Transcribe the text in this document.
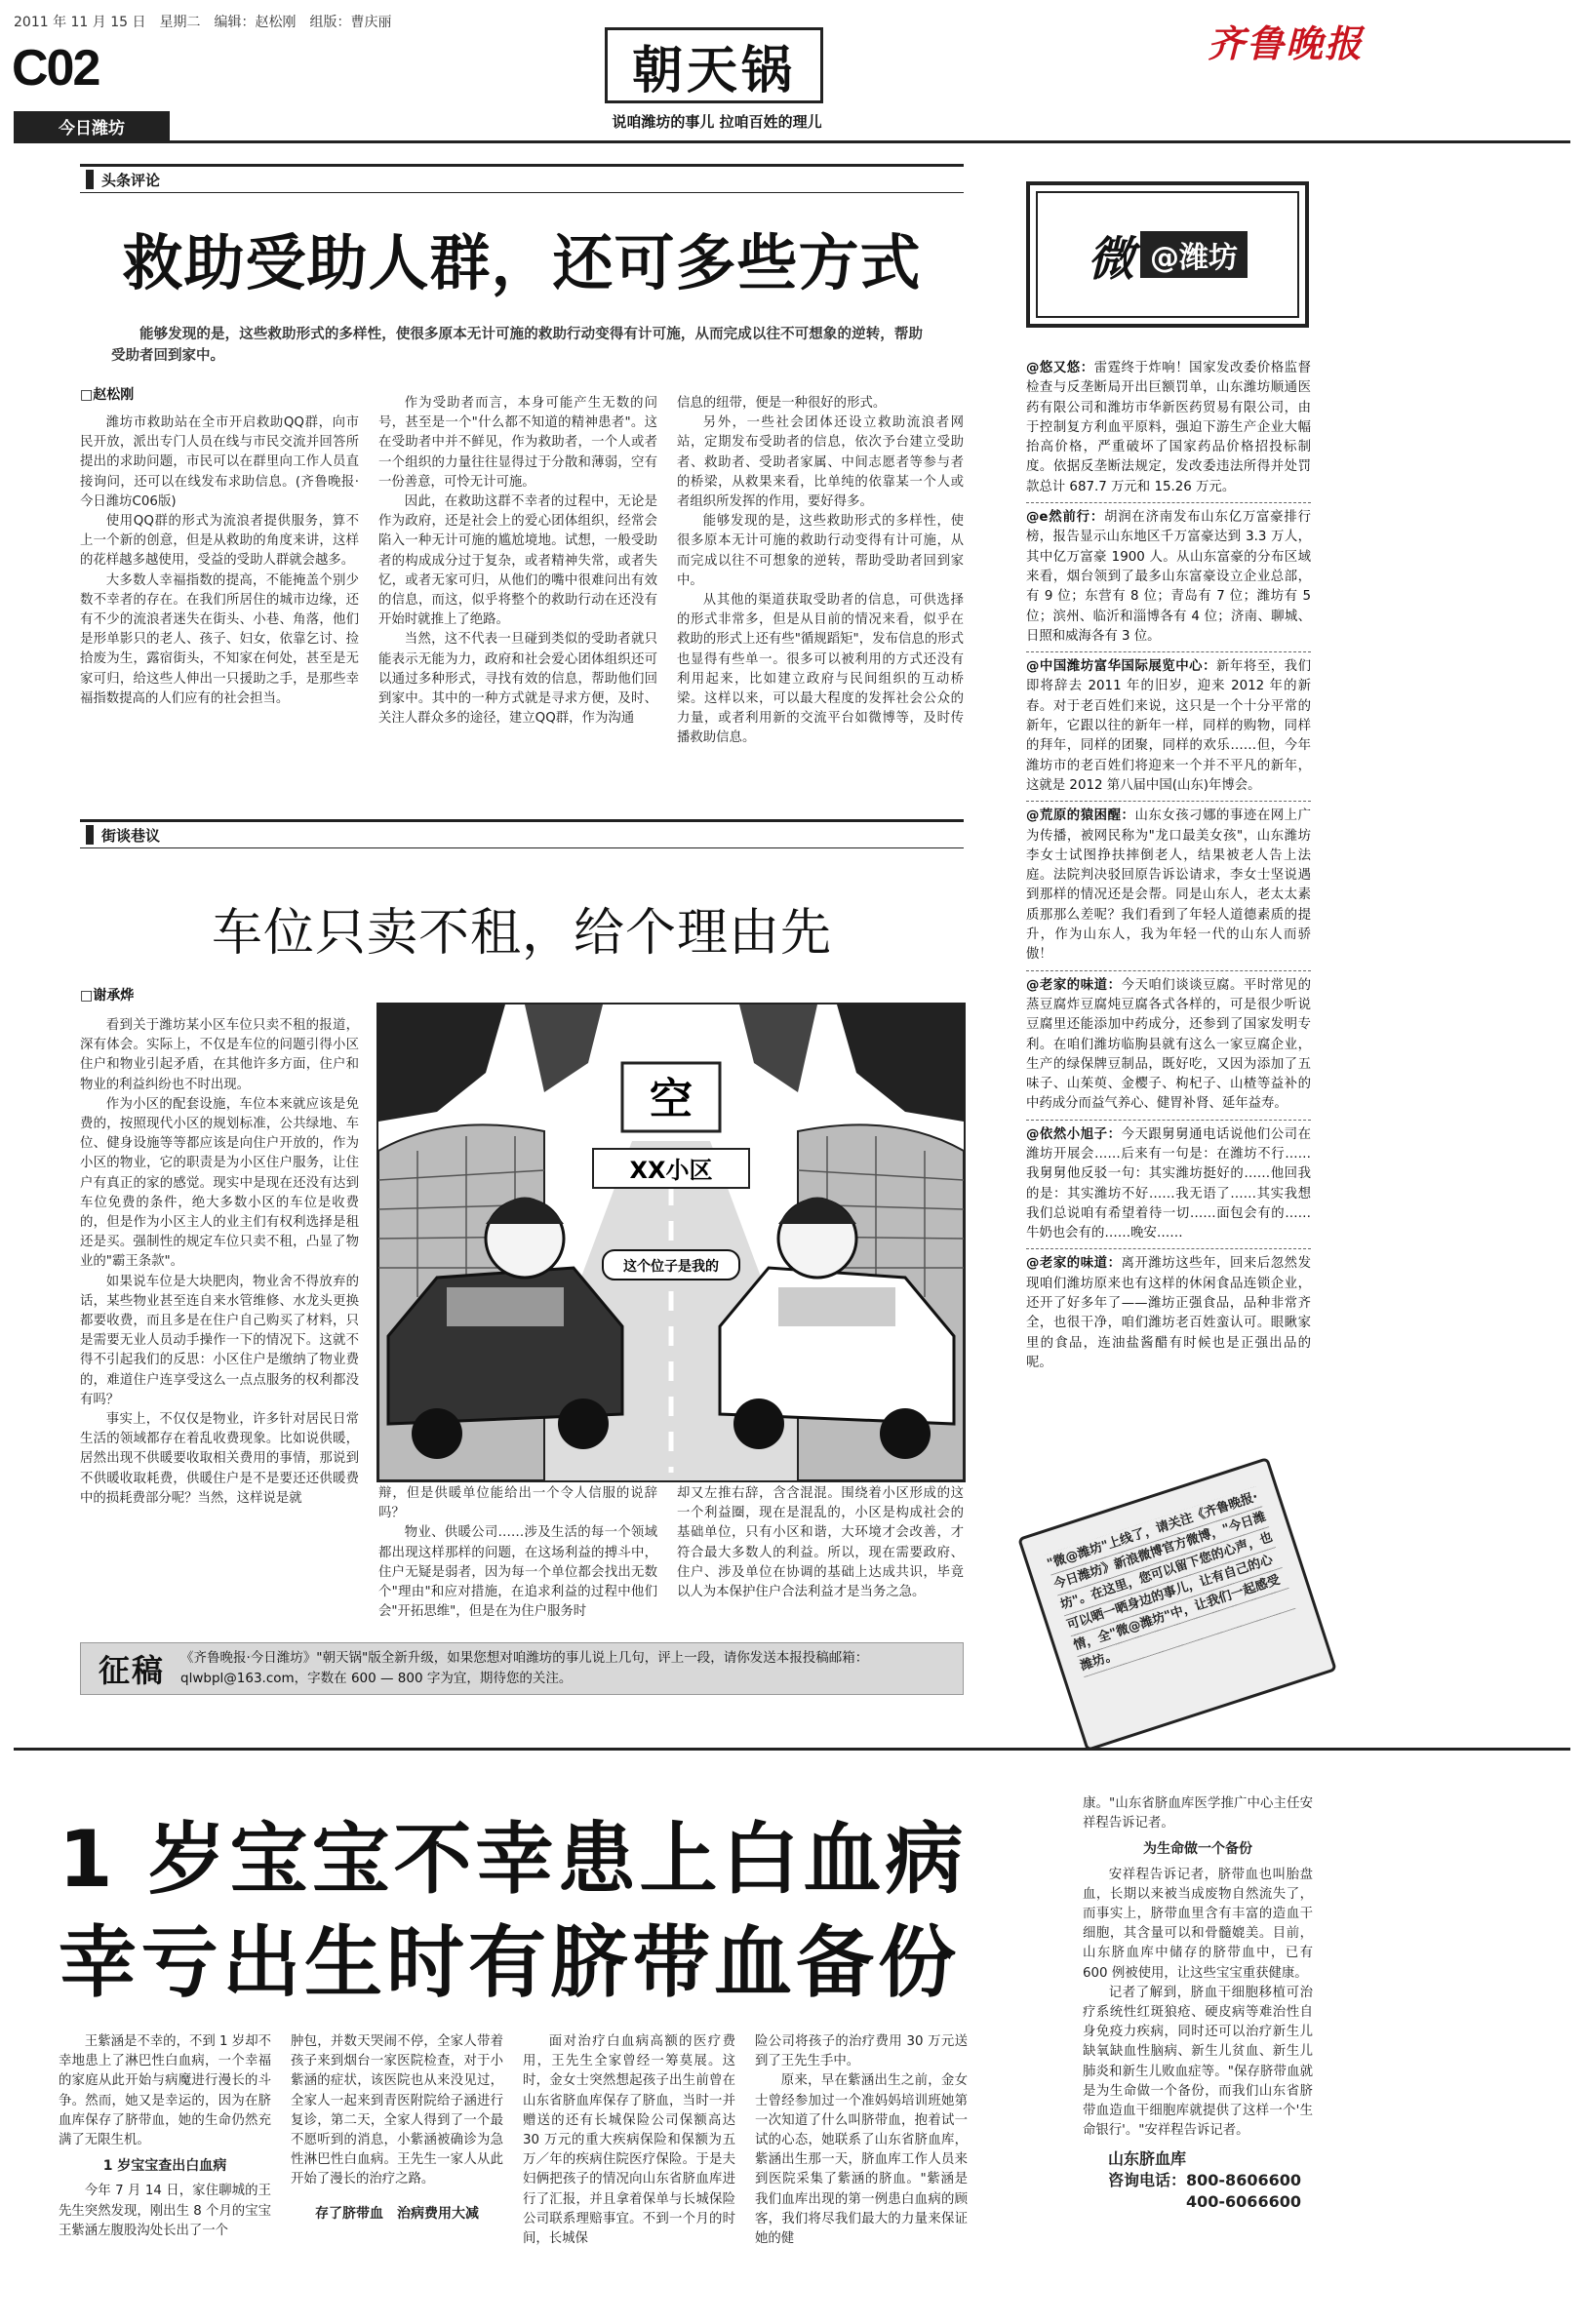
2011 年 11 月 15 日　星期二　编辑：赵松刚　组版：曹庆丽
C02
今日潍坊
朝天锅
说咱潍坊的事儿 拉咱百姓的理儿
齐鲁晚报
头条评论
救助受助人群，还可多些方式
能够发现的是，这些救助形式的多样性，使很多原本无计可施的救助行动变得有计可施，从而完成以往不可想象的逆转，帮助受助者回到家中。
□赵松刚

潍坊市救助站在全市开启救助QQ群，向市民开放，派出专门人员在线与市民交流并回答所提出的求助问题，市民可以在群里向工作人员直接询问，还可以在线发布求助信息。(齐鲁晚报·今日潍坊C06版)

使用QQ群的形式为流浪者提供服务，算不上一个新的创意，但是从救助的角度来讲，这样的花样越多越使用，受益的受助人群就会越多。

大多数人幸福指数的提高，不能掩盖个别少数不幸者的存在。在我们所居住的城市边缘，还有不少的流浪者迷失在街头、小巷、角落，他们是形单影只的老人、孩子、妇女，依靠乞讨、捡拾废为生，露宿街头，不知家在何处，甚至是无家可归，给这些人伸出一只援助之手，是那些幸福指数提高的人们应有的社会担当。

作为受助者而言，本身可能产生无数的问号，甚至是一个"什么都不知道的精神患者"。这在受助者中并不鲜见，作为救助者，一个人或者一个组织的力量往往显得过于分散和薄弱，空有一份善意，可怜无计可施。

因此，在救助这群不幸者的过程中，无论是作为政府，还是社会上的爱心团体组织，经常会陷入一种无计可施的尴尬境地。试想，一般受助者的构成成分过于复杂，或者精神失常，或者失忆，或者无家可归，从他们的嘴中很难问出有效的信息，而这，似乎将整个的救助行动在还没有开始时就推上了绝路。

当然，这不代表一旦碰到类似的受助者就只能表示无能为力，政府和社会爱心团体组织还可以通过多种形式，寻找有效的信息，帮助他们回到家中。其中的一种方式就是寻求方便，及时、关注人群众多的途径，建立QQ群，作为沟通

信息的纽带，便是一种很好的形式。

另外，一些社会团体还设立救助流浪者网站，定期发布受助者的信息，依次予台建立受助者、救助者、受助者家属、中间志愿者等参与者的桥梁，从救果来看，比单纯的依靠某一个人或者组织所发挥的作用，要好得多。

能够发现的是，这些救助形式的多样性，使很多原本无计可施的救助行动变得有计可施，从而完成以往不可想象的逆转，帮助受助者回到家中。

从其他的渠道获取受助者的信息，可供选择的形式非常多，但是从目前的情况来看，似乎在救助的形式上还有些"循规蹈矩"，发布信息的形式也显得有些单一。很多可以被利用的方式还没有利用起来，比如建立政府与民间组织的互动桥梁。这样以来，可以最大程度的发挥社会公众的力量，或者利用新的交流平台如微博等，及时传播救助信息。

街谈巷议
车位只卖不租，给个理由先
□谢承烨

看到关于潍坊某小区车位只卖不租的报道，深有体会。实际上，不仅是车位的问题引得小区住户和物业引起矛盾，在其他许多方面，住户和物业的利益纠纷也不时出现。

作为小区的配套设施，车位本来就应该是免费的，按照现代小区的规划标准，公共绿地、车位、健身设施等等都应该是向住户开放的，作为小区的物业，它的职责是为小区住户服务，让住户有真正的家的感觉。现实中是现在还没有达到车位免费的条件，绝大多数小区的车位是收费的，但是作为小区主人的业主们有权利选择是租还是买。强制性的规定车位只卖不租，凸显了物业的"霸王条款"。

如果说车位是大块肥肉，物业舍不得放弃的话，某些物业甚至连自来水管维修、水龙头更换都要收费，而且多是在住户自己购买了材料，只是需要无业人员动手操作一下的情况下。这就不得不引起我们的反思：小区住户是缴纳了物业费的，难道住户连享受这么一点点服务的权利都没有吗？

事实上，不仅仅是物业，许多针对居民日常生活的领域都存在着乱收费现象。比如说供暖，居然出现不供暖要收取相关费用的事情，那说到不供暖收取耗费，供暖住户是不是要还还供暖费中的损耗费部分呢？当然，这样说是就

空
XX小区
这个位子是我的

辩，但是供暖单位能给出一个令人信服的说辞吗？

物业、供暖公司……涉及生活的每一个领域都出现这样那样的问题，在这场利益的搏斗中，住户无疑是弱者，因为每一个单位都会找出无数个"理由"和应对措施，在追求利益的过程中他们会"开拓思维"，但是在为住户服务时

却又左推右辞，含含混混。围绕着小区形成的这一个利益圈，现在是混乱的，小区是构成社会的基础单位，只有小区和谐，大环境才会改善，才符合最大多数人的利益。所以，现在需要政府、住户、涉及单位在协调的基础上达成共识，毕竟以人为本保护住户合法利益才是当务之急。

征稿	《齐鲁晚报·今日潍坊》"朝天锅"版全新升级，如果您想对咱潍坊的事儿说上几句，评上一段，请你发送本报投稿邮箱：qlwbpl@163.com，字数在 600 — 800 字为宜，期待您的关注。
微 @潍坊
@悠又悠：雷霆终于炸响！国家发改委价格监督检查与反垄断局开出巨额罚单，山东潍坊顺通医药有限公司和潍坊市华新医药贸易有限公司，由于控制复方利血平原料，强迫下游生产企业大幅抬高价格，严重破坏了国家药品价格招投标制度。依据反垄断法规定，发改委违法所得并处罚款总计 687.7 万元和 15.26 万元。
@e然前行：胡润在济南发布山东亿万富豪排行榜，报告显示山东地区千万富豪达到 3.3 万人，其中亿万富豪 1900 人。从山东富豪的分布区域来看，烟台领到了最多山东富豪设立企业总部，有 9 位；东营有 8 位；青岛有 7 位；潍坊有 5 位；滨州、临沂和淄博各有 4 位；济南、聊城、日照和威海各有 3 位。
@中国潍坊富华国际展览中心：新年将至，我们即将辞去 2011 年的旧岁，迎来 2012 年的新春。对于老百姓们来说，这只是一个十分平常的新年，它跟以往的新年一样，同样的购物，同样的拜年，同样的团聚，同样的欢乐……但，今年潍坊市的老百姓们将迎来一个并不平凡的新年，这就是 2012 第八届中国(山东)年博会。
@荒原的猿困醒：山东女孩刁娜的事迹在网上广为传播，被网民称为"龙口最美女孩"，山东潍坊李女士试图挣扶摔倒老人，结果被老人告上法庭。法院判决驳回原告诉讼请求，李女士坚说遇到那样的情况还是会帮。同是山东人，老太太素质那那么差呢？我们看到了年轻人道德素质的提升，作为山东人，我为年轻一代的山东人而骄傲！
@老家的味道：今天咱们谈谈豆腐。平时常见的蒸豆腐炸豆腐炖豆腐各式各样的，可是很少听说豆腐里还能添加中药成分，还参到了国家发明专利。在咱们潍坊临朐县就有这么一家豆腐企业，生产的绿保牌豆制品，既好吃，又因为添加了五味子、山茱萸、金樱子、枸杞子、山楂等益补的中药成分而益气养心、健胃补肾、延年益寿。
@依然小旭子：今天跟舅舅通电话说他们公司在潍坊开展会……后来有一句是：在潍坊不行……我舅舅他反驳一句：其实潍坊挺好的……他回我的是：其实潍坊不好……我无语了……其实我想我们总说咱有希望着待一切……面包会有的……牛奶也会有的……晚安……
@老家的味道：离开潍坊这些年，回来后忽然发现咱们潍坊原来也有这样的休闲食品连锁企业，还开了好多年了——潍坊正强食品，品种非常齐全，也很干净，咱们潍坊老百姓蛮认可。眼瞅家里的食品，连油盐酱醋有时候也是正强出品的呢。
"微@潍坊"上线了，请关注《齐鲁晚报·今日潍坊》新浪微博官方微博，"今日潍坊"。在这里，您可以留下您的心声，也可以晒一晒身边的事儿，让有自己的心情，全"微@潍坊"中，让我们一起感受潍坊。
1 岁宝宝不幸患上白血病
幸亏出生时有脐带血备份

王紫涵是不幸的，不到 1 岁却不幸地患上了淋巴性白血病，一个幸福的家庭从此开始与病魔进行漫长的斗争。然而，她又是幸运的，因为在脐血库保存了脐带血，她的生命仍然充满了无限生机。

1 岁宝宝查出白血病

今年 7 月 14 日，家住聊城的王先生突然发现，刚出生 8 个月的宝宝王紫涵左腹股沟处长出了一个

肿包，并数天哭闹不停，全家人带着孩子来到烟台一家医院检查，对于小紫涵的症状，该医院也从来没见过，全家人一起来到青医附院给子涵进行复诊，第二天，全家人得到了一个最不愿听到的消息，小紫涵被确诊为急性淋巴性白血病。王先生一家人从此开始了漫长的治疗之路。

存了脐带血　治病费用大减

面对治疗白血病高额的医疗费用，王先生全家曾经一筹莫展。这时，金女士突然想起孩子出生前曾在山东省脐血库保存了脐血，当时一并赠送的还有长城保险公司保额高达 30 万元的重大疾病保险和保额为五万／年的疾病住院医疗保险。于是夫妇俩把孩子的情况向山东省脐血库进行了汇报，并且拿着保单与长城保险公司联系理赔事宜。不到一个月的时间，长城保

险公司将孩子的治疗费用 30 万元送到了王先生手中。

原来，早在紫涵出生之前，金女士曾经参加过一个准妈妈培训班她第一次知道了什么叫脐带血，抱着试一试的心态，她联系了山东省脐血库，紫涵出生那一天，脐血库工作人员来到医院采集了紫涵的脐血。"紫涵是我们血库出现的第一例患白血病的顾客，我们将尽我们最大的力量来保证她的健

康。"山东省脐血库医学推广中心主任安祥程告诉记者。

为生命做一个备份

安祥程告诉记者，脐带血也叫胎盘血，长期以来被当成废物自然流失了，而事实上，脐带血里含有丰富的造血干细胞，其含量可以和骨髓媲美。目前，山东脐血库中储存的脐带血中，已有 600 例被使用，让这些宝宝重获健康。

记者了解到，脐血干细胞移植可治疗系统性红斑狼疮、硬皮病等难治性自身免疫力疾病，同时还可以治疗新生儿缺氧缺血性脑病、新生儿贫血、新生儿肺炎和新生儿败血症等。"保存脐带血就是为生命做一个备份，而我们山东省脐带血造血干细胞库就提供了这样一个'生命银行'。"安祥程告诉记者。

山东脐血库
咨询电话：800-8606600
400-6066600
